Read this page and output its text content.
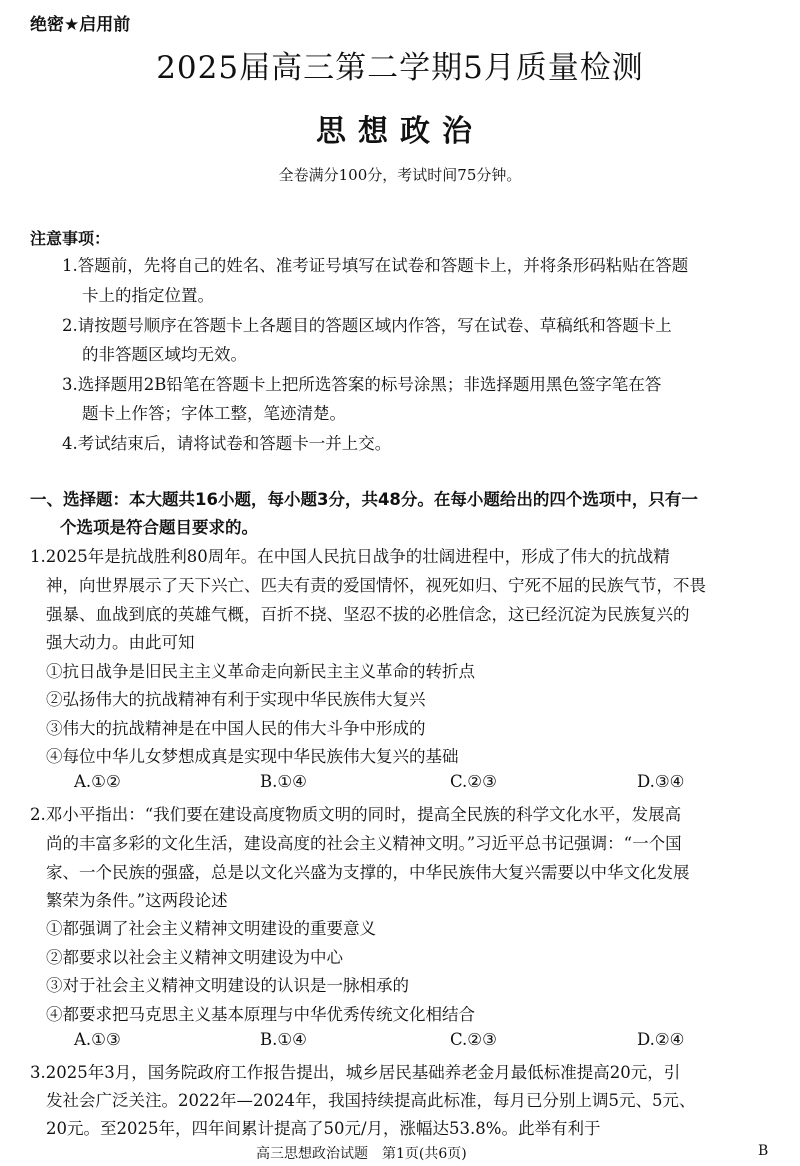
绝密★启用前
2025届高三第二学期5月质量检测
思想政治
全卷满分100分，考试时间75分钟。
注意事项：
1.答题前，先将自己的姓名、准考证号填写在试卷和答题卡上，并将条形码粘贴在答题
卡上的指定位置。
2.请按题号顺序在答题卡上各题目的答题区域内作答，写在试卷、草稿纸和答题卡上
的非答题区域均无效。
3.选择题用2B铅笔在答题卡上把所选答案的标号涂黑；非选择题用黑色签字笔在答
题卡上作答；字体工整，笔迹清楚。
4.考试结束后，请将试卷和答题卡一并上交。
一、选择题：本大题共16小题，每小题3分，共48分。在每小题给出的四个选项中，只有一
个选项是符合题目要求的。
1.2025年是抗战胜利80周年。在中国人民抗日战争的壮阔进程中，形成了伟大的抗战精
神，向世界展示了天下兴亡、匹夫有责的爱国情怀，视死如归、宁死不屈的民族气节，不畏
强暴、血战到底的英雄气概，百折不挠、坚忍不拔的必胜信念，这已经沉淀为民族复兴的
强大动力。由此可知
①抗日战争是旧民主主义革命走向新民主主义革命的转折点
②弘扬伟大的抗战精神有利于实现中华民族伟大复兴
③伟大的抗战精神是在中国人民的伟大斗争中形成的
④每位中华儿女梦想成真是实现中华民族伟大复兴的基础
A.①②	B.①④	C.②③	D.③④
2.邓小平指出：“我们要在建设高度物质文明的同时，提高全民族的科学文化水平，发展高
尚的丰富多彩的文化生活，建设高度的社会主义精神文明。”习近平总书记强调：“一个国
家、一个民族的强盛，总是以文化兴盛为支撑的，中华民族伟大复兴需要以中华文化发展
繁荣为条件。”这两段论述
①都强调了社会主义精神文明建设的重要意义
②都要求以社会主义精神文明建设为中心
③对于社会主义精神文明建设的认识是一脉相承的
④都要求把马克思主义基本原理与中华优秀传统文化相结合
A.①③	B.①④	C.②③	D.②④
3.2025年3月，国务院政府工作报告提出，城乡居民基础养老金月最低标准提高20元，引
发社会广泛关注。2022年—2024年，我国持续提高此标准，每月已分别上调5元、5元、
20元。至2025年，四年间累计提高了50元/月，涨幅达53.8%。此举有利于
高三思想政治试题　第1页(共6页)	B
